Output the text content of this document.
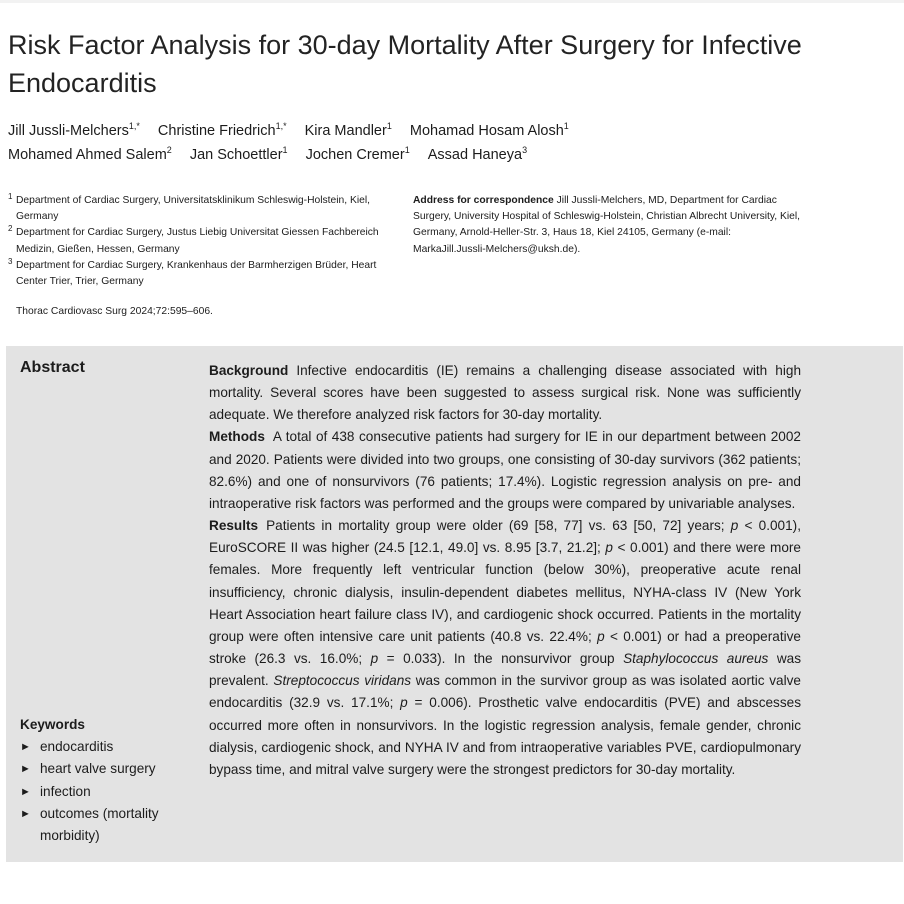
Risk Factor Analysis for 30-day Mortality After Surgery for Infective Endocarditis
Jill Jussli-Melchers$^{1,*}$ Christine Friedrich$^{1,*}$ Kira Mandler$^1$ Mohamad Hosam Alosh$^1$
Mohamed Ahmed Salem$^2$ Jan Schoettler$^1$ Jochen Cremer$^1$ Assad Haneya$^3$
1 Department of Cardiac Surgery, Universitatsklinikum Schleswig-Holstein, Kiel, Germany
2 Department for Cardiac Surgery, Justus Liebig Universitat Giessen Fachbereich Medizin, Gießen, Hessen, Germany
3 Department for Cardiac Surgery, Krankenhaus der Barmherzigen Brüder, Heart Center Trier, Trier, Germany
Thorac Cardiovasc Surg 2024;72:595–606.
Address for correspondence Jill Jussli-Melchers, MD, Department for Cardiac Surgery, University Hospital of Schleswig-Holstein, Christian Albrecht University, Kiel, Germany, Arnold-Heller-Str. 3, Haus 18, Kiel 24105, Germany (e-mail: MarkaJill.Jussli-Melchers@uksh.de).
Abstract	Background Infective endocarditis (IE) remains a challenging disease associated with high mortality. Several scores have been suggested to assess surgical risk. None was sufficiently adequate. We therefore analyzed risk factors for 30-day mortality.

Methods A total of 438 consecutive patients had surgery for IE in our department between 2002 and 2020. Patients were divided into two groups, one consisting of 30-day survivors (362 patients; 82.6%) and one of nonsurvivors (76 patients; 17.4%). Logistic regression analysis on pre- and intraoperative risk factors was performed and the groups were compared by univariable analyses.

Results Patients in mortality group were older (69 [58, 77] vs. 63 [50, 72] years; p < 0.001), EuroSCORE II was higher (24.5 [12.1, 49.0] vs. 8.95 [3.7, 21.2]; p < 0.001) and there were more females. More frequently left ventricular function (below 30%), preoperative acute renal insufficiency, chronic dialysis, insulin-dependent diabetes mellitus, NYHA-class IV (New York Heart Association heart failure class IV), and cardiogenic shock occurred. Patients in the mortality group were often intensive care unit patients (40.8 vs. 22.4%; p < 0.001) or had a preoperative stroke (26.3 vs. 16.0%; p = 0.033). In the nonsurvivor group Staphylococcus aureus was prevalent. Streptococcus viridans was common in the survivor group as was isolated aortic valve endocarditis (32.9 vs. 17.1%; p = 0.006). Prosthetic valve endocarditis (PVE) and abscesses occurred more often in nonsurvivors. In the logistic regression analysis, female gender, chronic dialysis, cardiogenic shock, and NYHA IV and from intraoperative variables PVE, cardiopulmonary bypass time, and mitral valve surgery were the strongest predictors for 30-day mortality.

Keywords
► endocarditis
► heart valve surgery
► infection
► outcomes (mortality morbidity)
